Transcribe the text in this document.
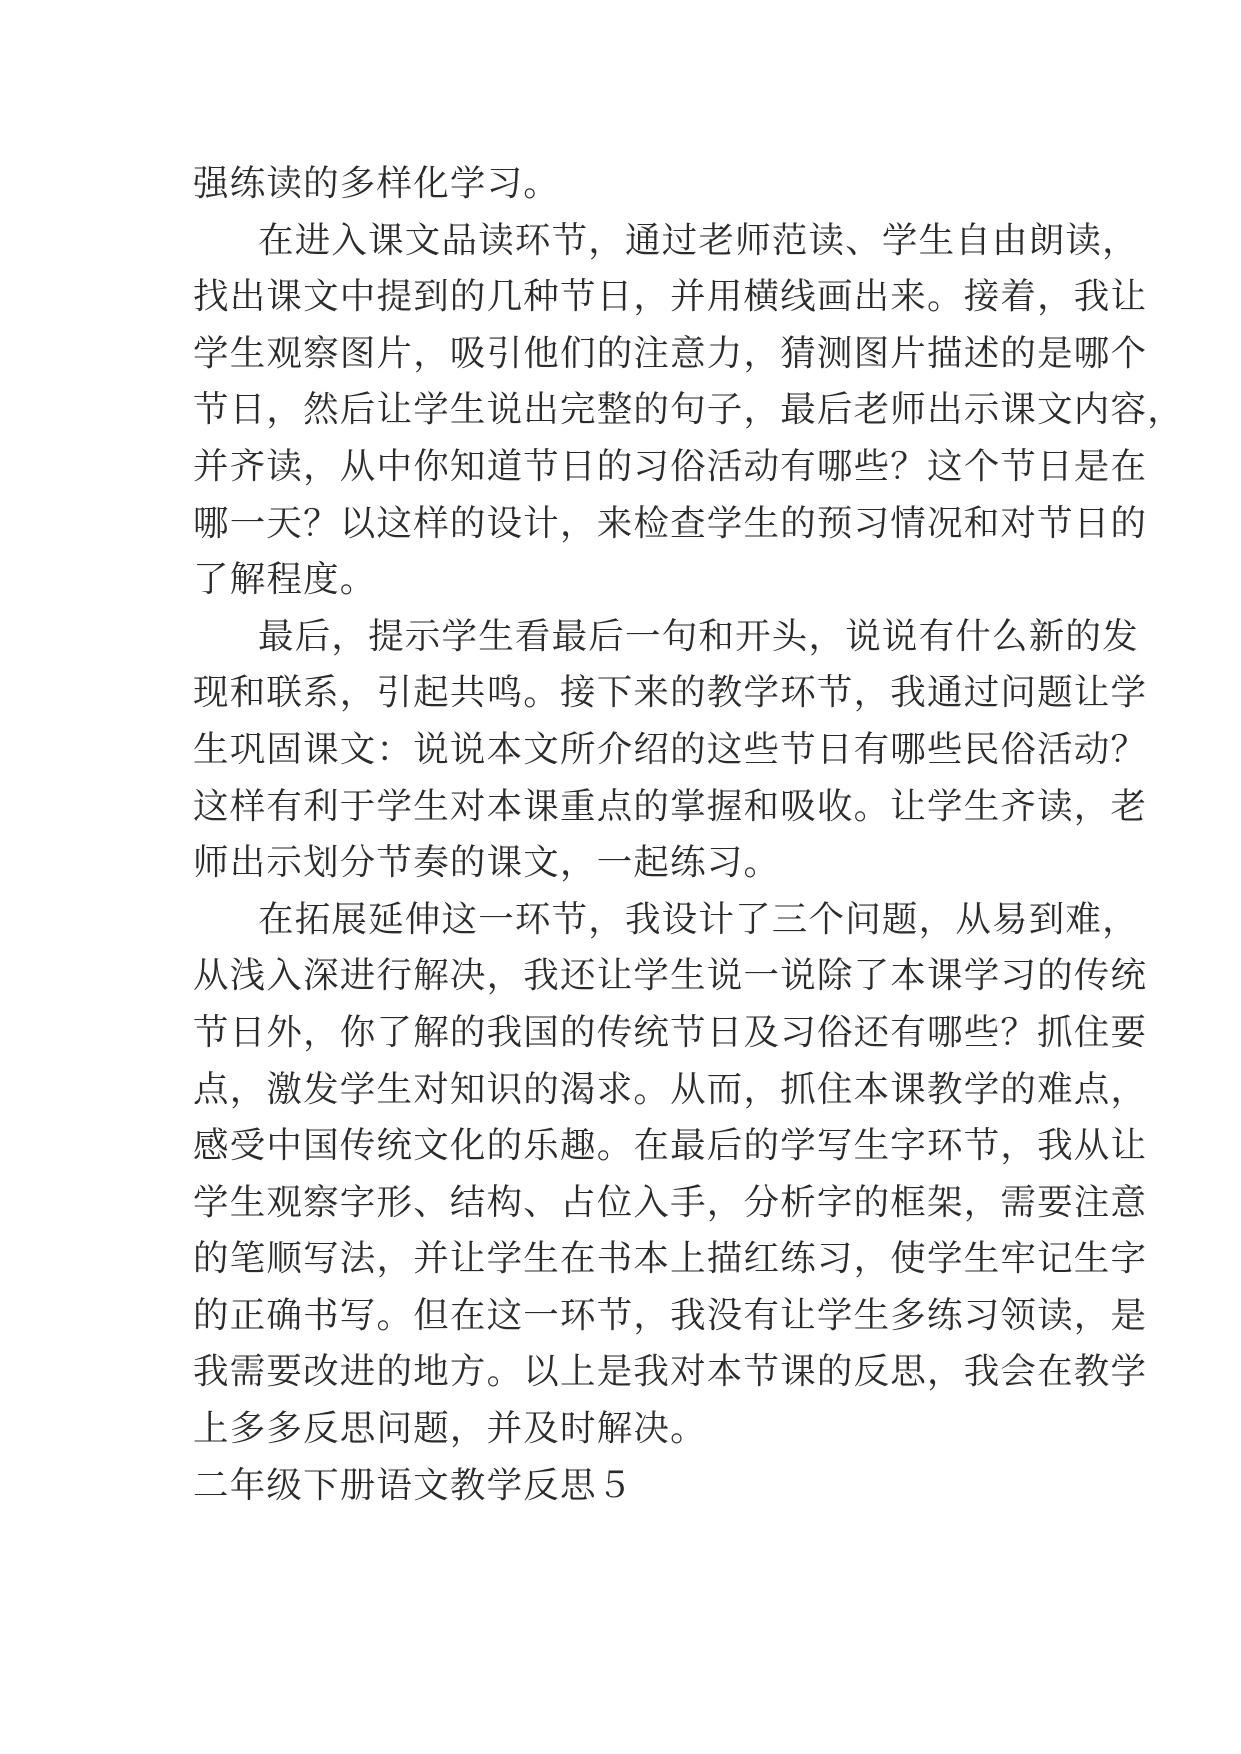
强练读的多样化学习。
在进入课文品读环节，通过老师范读、学生自由朗读，
找出课文中提到的几种节日，并用横线画出来。接着，我让
学生观察图片，吸引他们的注意力，猜测图片描述的是哪个
节日，然后让学生说出完整的句子，最后老师出示课文内容，
并齐读，从中你知道节日的习俗活动有哪些？这个节日是在
哪一天？以这样的设计，来检查学生的预习情况和对节日的
了解程度。
最后，提示学生看最后一句和开头，说说有什么新的发
现和联系，引起共鸣。接下来的教学环节，我通过问题让学
生巩固课文：说说本文所介绍的这些节日有哪些民俗活动？
这样有利于学生对本课重点的掌握和吸收。让学生齐读，老
师出示划分节奏的课文，一起练习。
在拓展延伸这一环节，我设计了三个问题，从易到难，
从浅入深进行解决，我还让学生说一说除了本课学习的传统
节日外，你了解的我国的传统节日及习俗还有哪些？抓住要
点，激发学生对知识的渴求。从而，抓住本课教学的难点，
感受中国传统文化的乐趣。在最后的学写生字环节，我从让
学生观察字形、结构、占位入手，分析字的框架，需要注意
的笔顺写法，并让学生在书本上描红练习，使学生牢记生字
的正确书写。但在这一环节，我没有让学生多练习领读，是
我需要改进的地方。以上是我对本节课的反思，我会在教学
上多多反思问题，并及时解决。
二年级下册语文教学反思５
